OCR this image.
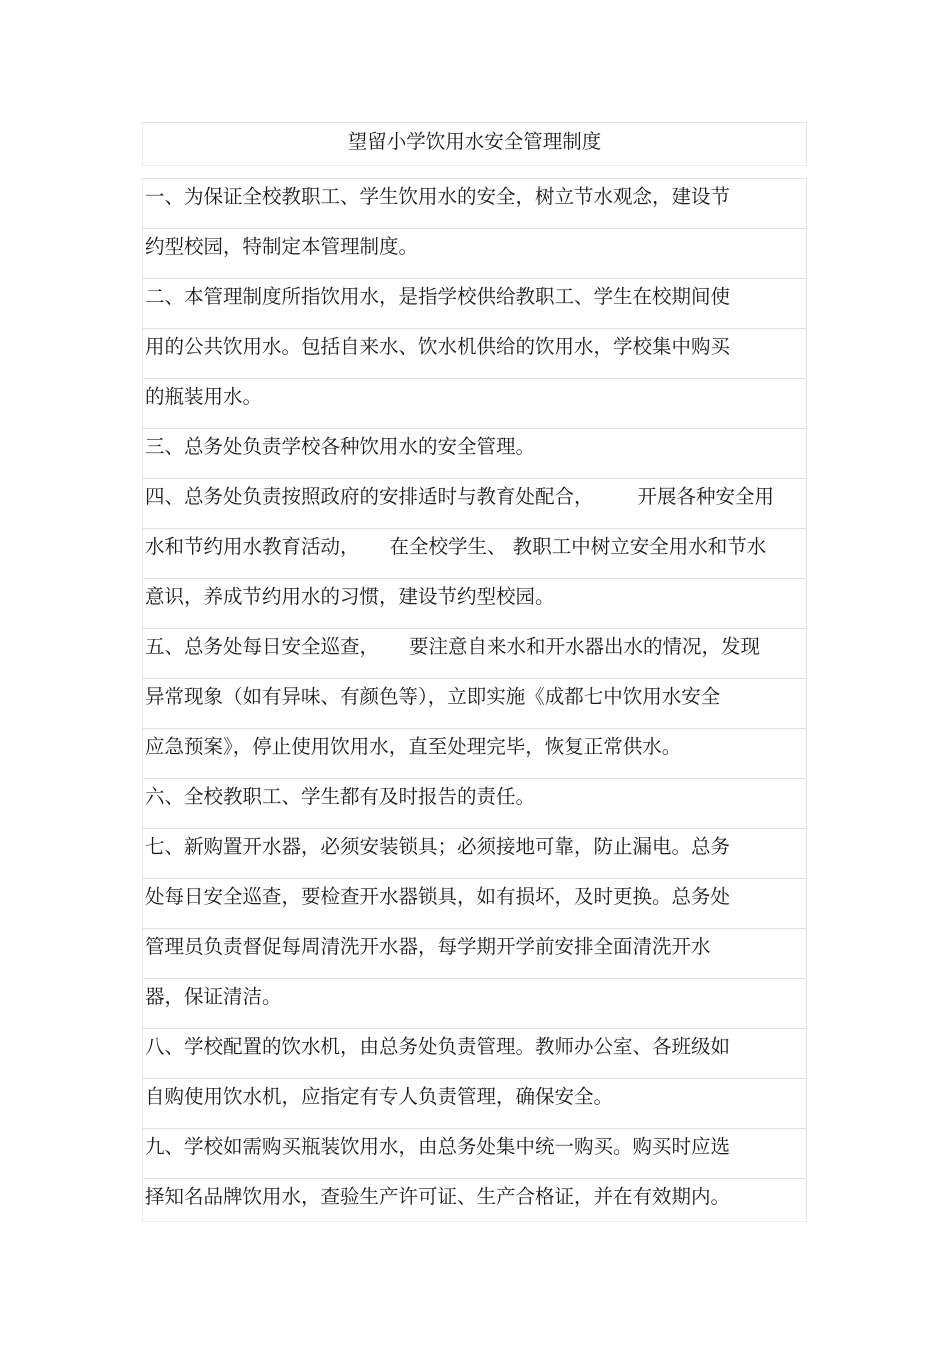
望留小学饮用水安全管理制度
一、为保证全校教职工、学生饮用水的安全，树立节水观念，建设节
约型校园，特制定本管理制度。
二、本管理制度所指饮用水，是指学校供给教职工、学生在校期间使
用的公共饮用水。包括自来水、饮水机供给的饮用水，学校集中购买
的瓶装用水。
三、总务处负责学校各种饮用水的安全管理。
四、总务处负责按照政府的安排适时与教育处配合， 开展各种安全用
水和节约用水教育活动， 在全校学生、 教职工中树立安全用水和节水
意识，养成节约用水的习惯，建设节约型校园。
五、总务处每日安全巡查， 要注意自来水和开水器出水的情况，发现
异常现象（如有异味、有颜色等），立即实施《成都七中饮用水安全
应急预案》，停止使用饮用水，直至处理完毕，恢复正常供水。
六、全校教职工、学生都有及时报告的责任。
七、新购置开水器，必须安装锁具；必须接地可靠，防止漏电。总务
处每日安全巡查，要检查开水器锁具，如有损坏，及时更换。总务处
管理员负责督促每周清洗开水器，每学期开学前安排全面清洗开水
器，保证清洁。
八、学校配置的饮水机，由总务处负责管理。教师办公室、各班级如
自购使用饮水机，应指定有专人负责管理，确保安全。
九、学校如需购买瓶装饮用水，由总务处集中统一购买。购买时应选
择知名品牌饮用水，查验生产许可证、生产合格证，并在有效期内。
